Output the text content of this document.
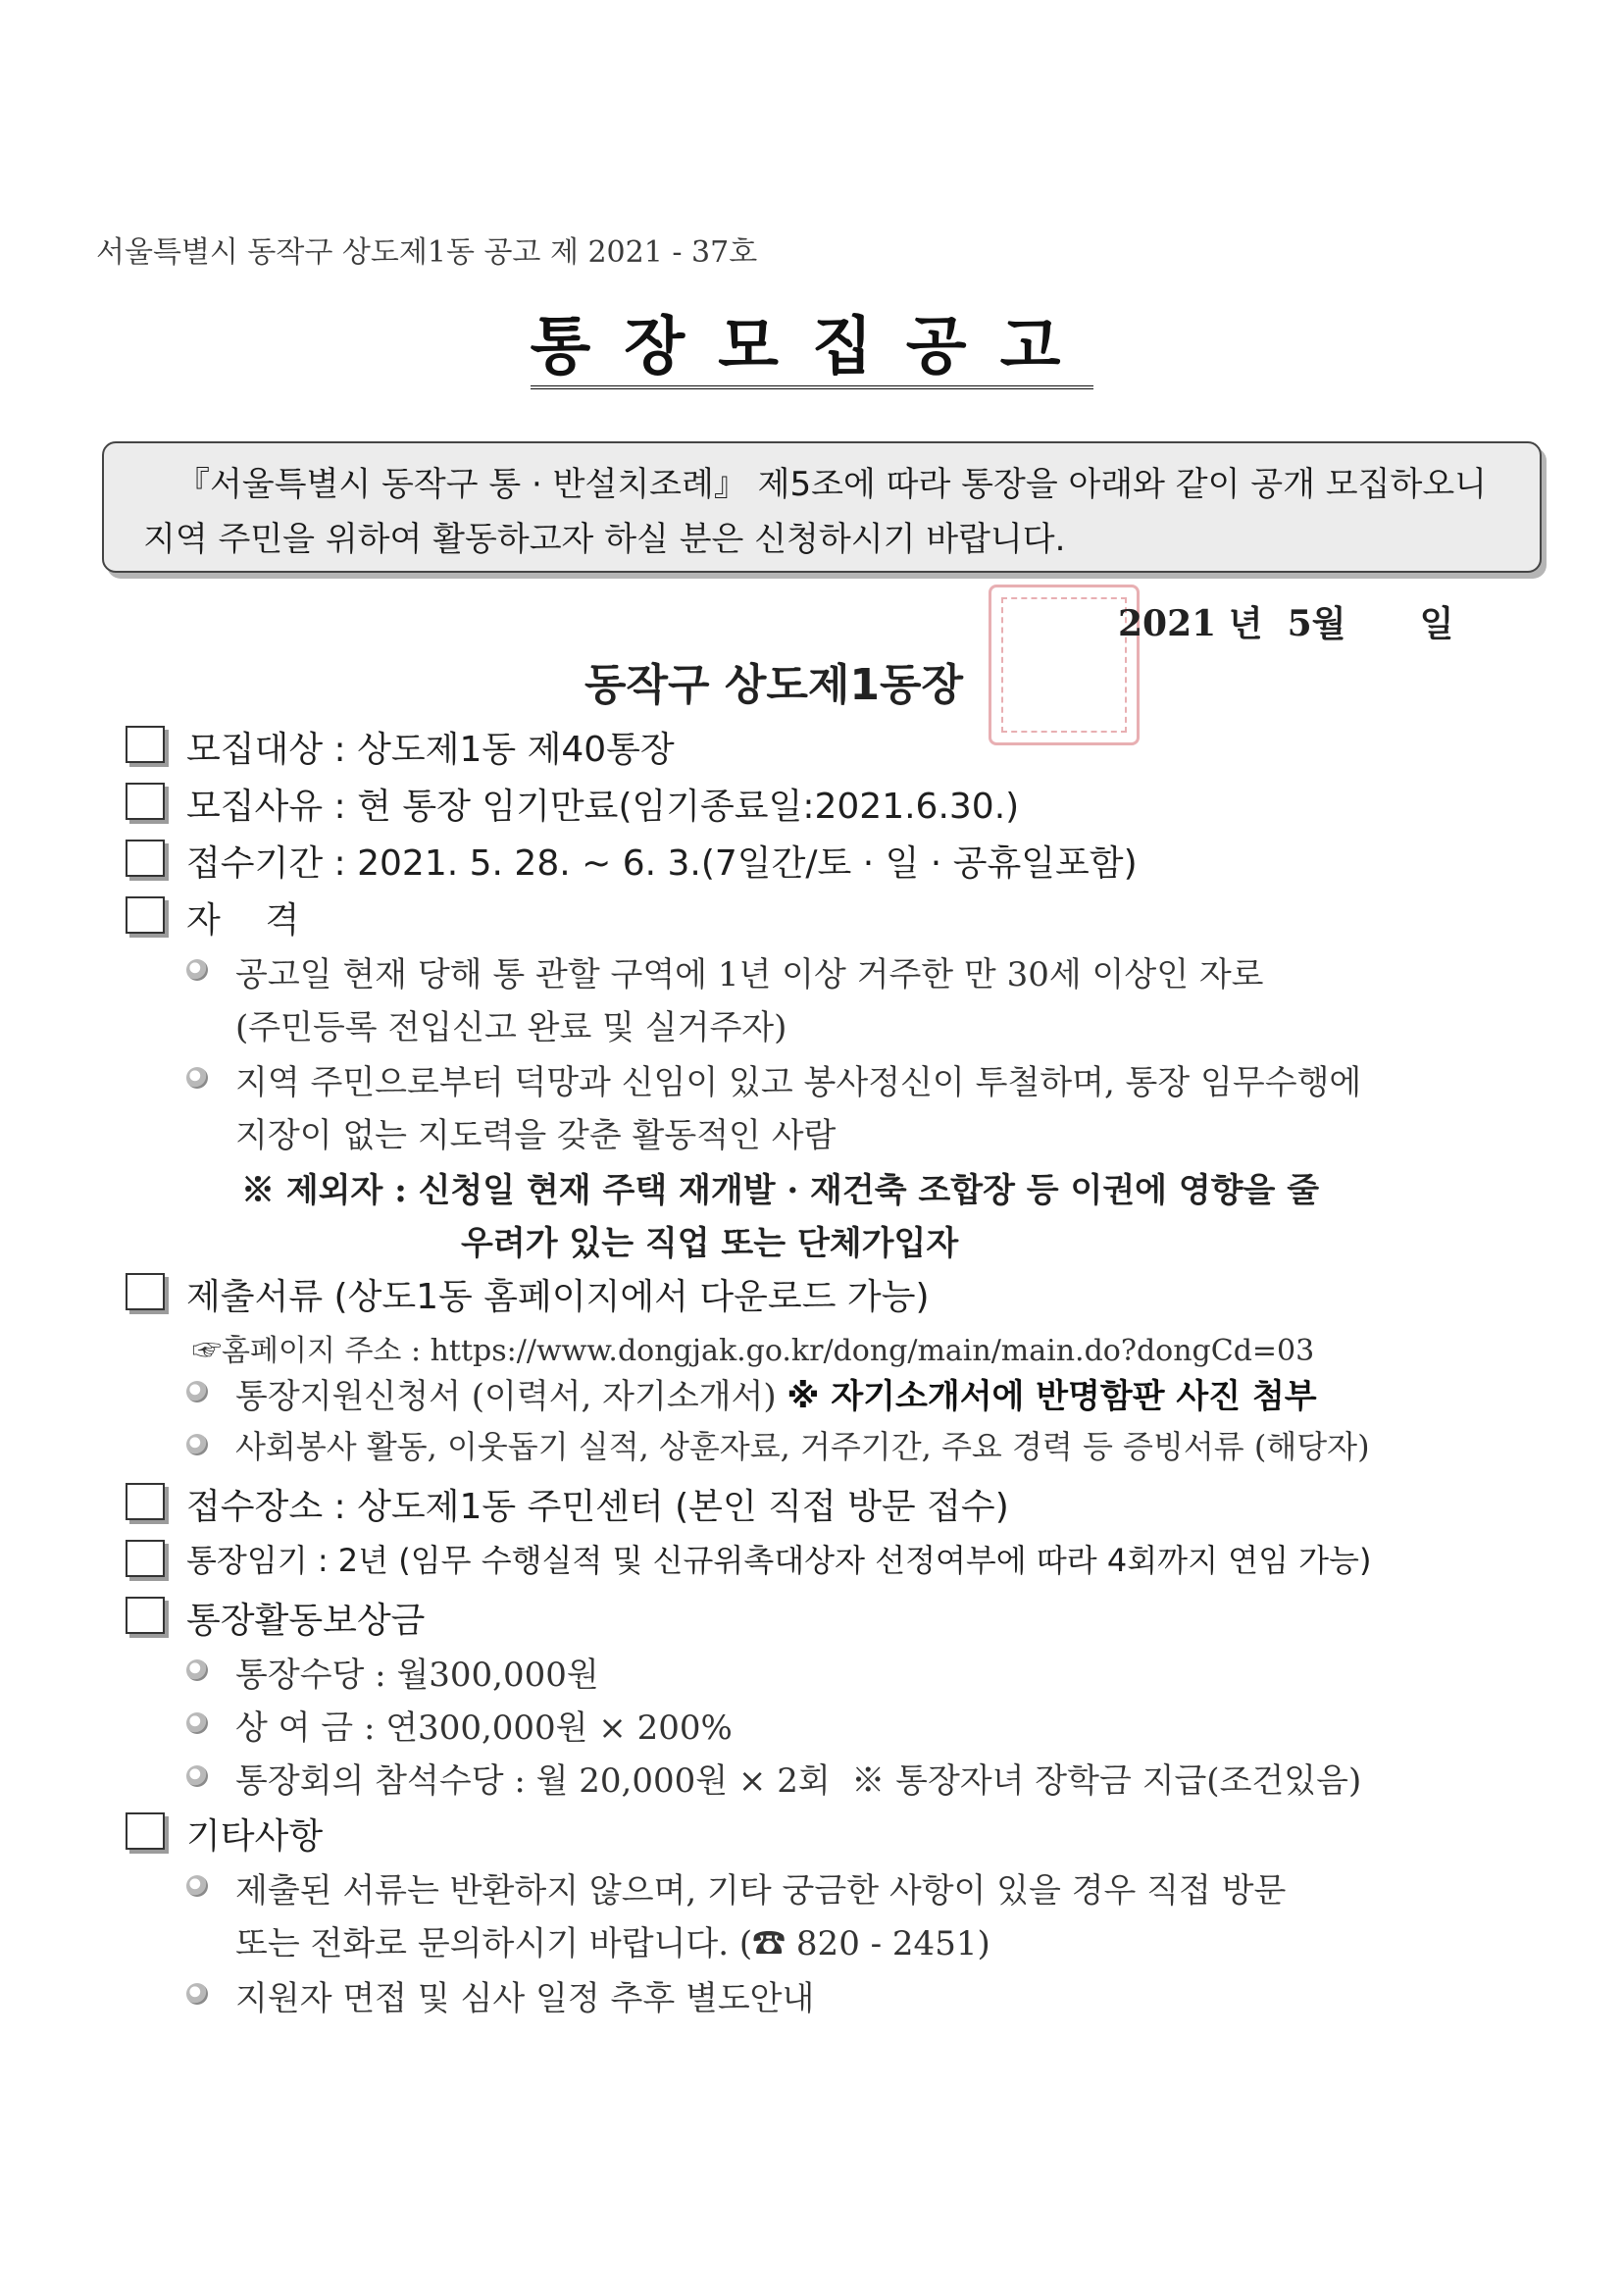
서울특별시 동작구 상도제1동 공고 제 2021 - 37호
통장모집공고
『서울특별시 동작구 통 · 반설치조례』 제5조에 따라 통장을 아래와 같이 공개 모집하오니 지역 주민을 위하여 활동하고자 하실 분은 신청하시기 바랍니다.
2021 년  5월      일
동작구 상도제1동장
모집대상 : 상도제1동 제40통장
모집사유 : 현 통장 임기만료(임기종료일:2021.6.30.)
접수기간 : 2021. 5. 28. ~ 6. 3.(7일간/토 · 일 · 공휴일포함)
자    격
공고일 현재 당해 통 관할 구역에 1년 이상 거주한 만 30세 이상인 자로
(주민등록 전입신고 완료 및 실거주자)
지역 주민으로부터 덕망과 신임이 있고 봉사정신이 투철하며, 통장 임무수행에
지장이 없는 지도력을 갖춘 활동적인 사람
※ 제외자 : 신청일 현재 주택 재개발 · 재건축 조합장 등 이권에 영향을 줄
우려가 있는 직업 또는 단체가입자
제출서류 (상도1동 홈페이지에서 다운로드 가능)
☞홈페이지 주소 : https://www.dongjak.go.kr/dong/main/main.do?dongCd=03
통장지원신청서 (이력서, 자기소개서) ※ 자기소개서에 반명함판 사진 첨부
사회봉사 활동, 이웃돕기 실적, 상훈자료, 거주기간, 주요 경력 등 증빙서류 (해당자)
접수장소 : 상도제1동 주민센터 (본인 직접 방문 접수)
통장임기 : 2년 (임무 수행실적 및 신규위촉대상자 선정여부에 따라 4회까지 연임 가능)
통장활동보상금
통장수당 : 월300,000원
상 여 금 : 연300,000원 × 200%
통장회의 참석수당 : 월 20,000원 × 2회  ※ 통장자녀 장학금 지급(조건있음)
기타사항
제출된 서류는 반환하지 않으며, 기타 궁금한 사항이 있을 경우 직접 방문
또는 전화로 문의하시기 바랍니다. (☎ 820 - 2451)
지원자 면접 및 심사 일정 추후 별도안내
